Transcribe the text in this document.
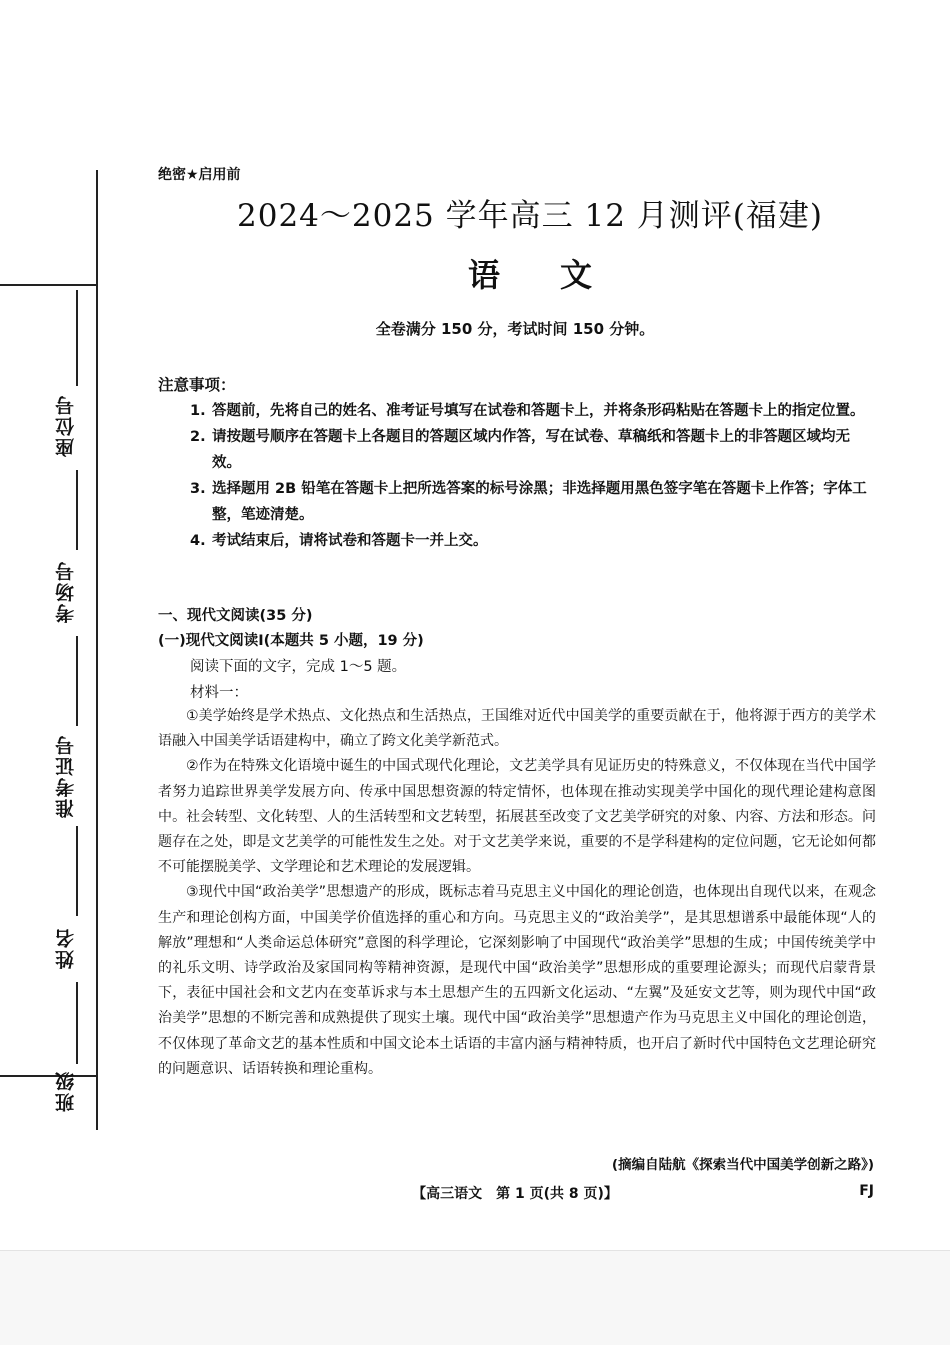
座位号
考场号
准考证号
姓名
班级
绝密★启用前
2024～2025 学年高三 12 月测评(福建)
语文
全卷满分 150 分，考试时间 150 分钟。
注意事项：
1. 答题前，先将自己的姓名、准考证号填写在试卷和答题卡上，并将条形码粘贴在答题卡上的指定位置。
2. 请按题号顺序在答题卡上各题目的答题区域内作答，写在试卷、草稿纸和答题卡上的非答题区域均无效。
3. 选择题用 2B 铅笔在答题卡上把所选答案的标号涂黑；非选择题用黑色签字笔在答题卡上作答；字体工整，笔迹清楚。
4. 考试结束后，请将试卷和答题卡一并上交。
一、现代文阅读(35 分)
(一)现代文阅读Ⅰ(本题共 5 小题，19 分)
阅读下面的文字，完成 1～5 题。
材料一：

①美学始终是学术热点、文化热点和生活热点，王国维对近代中国美学的重要贡献在于，他将源于西方的美学术语融入中国美学话语建构中，确立了跨文化美学新范式。

②作为在特殊文化语境中诞生的中国式现代化理论，文艺美学具有见证历史的特殊意义，不仅体现在当代中国学者努力追踪世界美学发展方向、传承中国思想资源的特定情怀，也体现在推动实现美学中国化的现代理论建构意图中。社会转型、文化转型、人的生活转型和文艺转型，拓展甚至改变了文艺美学研究的对象、内容、方法和形态。问题存在之处，即是文艺美学的可能性发生之处。对于文艺美学来说，重要的不是学科建构的定位问题，它无论如何都不可能摆脱美学、文学理论和艺术理论的发展逻辑。

③现代中国“政治美学”思想遗产的形成，既标志着马克思主义中国化的理论创造，也体现出自现代以来，在观念生产和理论创构方面，中国美学价值选择的重心和方向。马克思主义的“政治美学”，是其思想谱系中最能体现“人的解放”理想和“人类命运总体研究”意图的科学理论，它深刻影响了中国现代“政治美学”思想的生成；中国传统美学中的礼乐文明、诗学政治及家国同构等精神资源，是现代中国“政治美学”思想形成的重要理论源头；而现代启蒙背景下，表征中国社会和文艺内在变革诉求与本土思想产生的五四新文化运动、“左翼”及延安文艺等，则为现代中国“政治美学”思想的不断完善和成熟提供了现实土壤。现代中国“政治美学”思想遗产作为马克思主义中国化的理论创造，不仅体现了革命文艺的基本性质和中国文论本土话语的丰富内涵与精神特质，也开启了新时代中国特色文艺理论研究的问题意识、话语转换和理论重构。

(摘编自陆航《探索当代中国美学创新之路》)
【高三语文　第 1 页(共 8 页)】	FJ
